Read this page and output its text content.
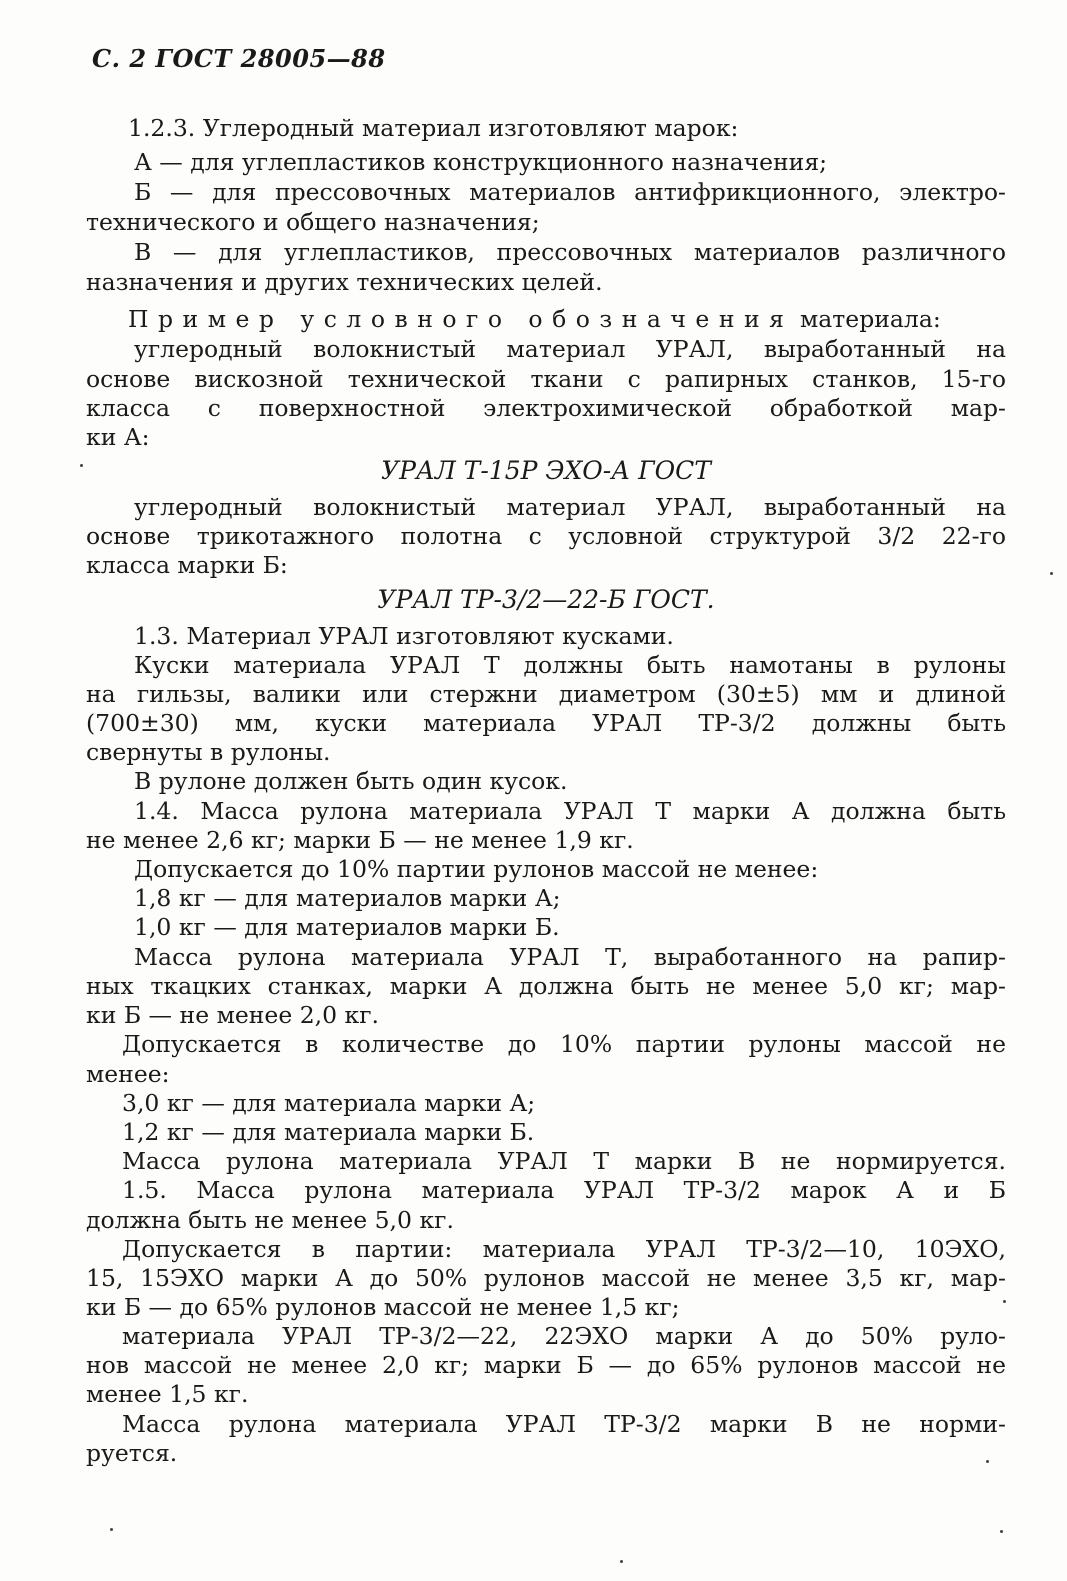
С. 2 ГОСТ 28005—88
1.2.3. Углеродный материал изготовляют марок:
А — для углепластиков конструкционного назначения;
Б — для прессовочных материалов антифрикционного, электро-
технического и общего назначения;
В — для углепластиков, прессовочных материалов различного
назначения и других технических целей.
Пример условного обозначения материала:
углеродный волокнистый материал УРАЛ, выработанный на
основе вискозной технической ткани с рапирных станков, 15-го
класса с поверхностной электрохимической обработкой мар-
ки А:
УРАЛ Т-15Р ЭХО-А ГОСТ
углеродный волокнистый материал УРАЛ, выработанный на
основе трикотажного полотна с условной структурой 3/2 22-го
класса марки Б:
УРАЛ ТР-3/2—22-Б ГОСТ.
1.3. Материал УРАЛ изготовляют кусками.
Куски материала УРАЛ Т должны быть намотаны в рулоны
на гильзы, валики или стержни диаметром (30±5) мм и длиной
(700±30) мм, куски материала УРАЛ ТР-3/2 должны быть
свернуты в рулоны.
В рулоне должен быть один кусок.
1.4. Масса рулона материала УРАЛ Т марки А должна быть
не менее 2,6 кг; марки Б — не менее 1,9 кг.
Допускается до 10% партии рулонов массой не менее:
1,8 кг — для материалов марки А;
1,0 кг — для материалов марки Б.
Масса рулона материала УРАЛ Т, выработанного на рапир-
ных ткацких станках, марки А должна быть не менее 5,0 кг; мар-
ки Б — не менее 2,0 кг.
Допускается в количестве до 10% партии рулоны массой не
менее:
3,0 кг — для материала марки А;
1,2 кг — для материала марки Б.
Масса рулона материала УРАЛ Т марки В не нормируется.
1.5. Масса рулона материала УРАЛ ТР-3/2 марок А и Б
должна быть не менее 5,0 кг.
Допускается в партии: материала УРАЛ ТР-3/2—10, 10ЭХО,
15, 15ЭХО марки А до 50% рулонов массой не менее 3,5 кг, мар-
ки Б — до 65% рулонов массой не менее 1,5 кг;
материала УРАЛ ТР-3/2—22, 22ЭХО марки А до 50% рулo-
нов массой не менее 2,0 кг; марки Б — до 65% рулонов массой не
менее 1,5 кг.
Масса рулона материала УРАЛ ТР-3/2 марки В не норми-
руется.
